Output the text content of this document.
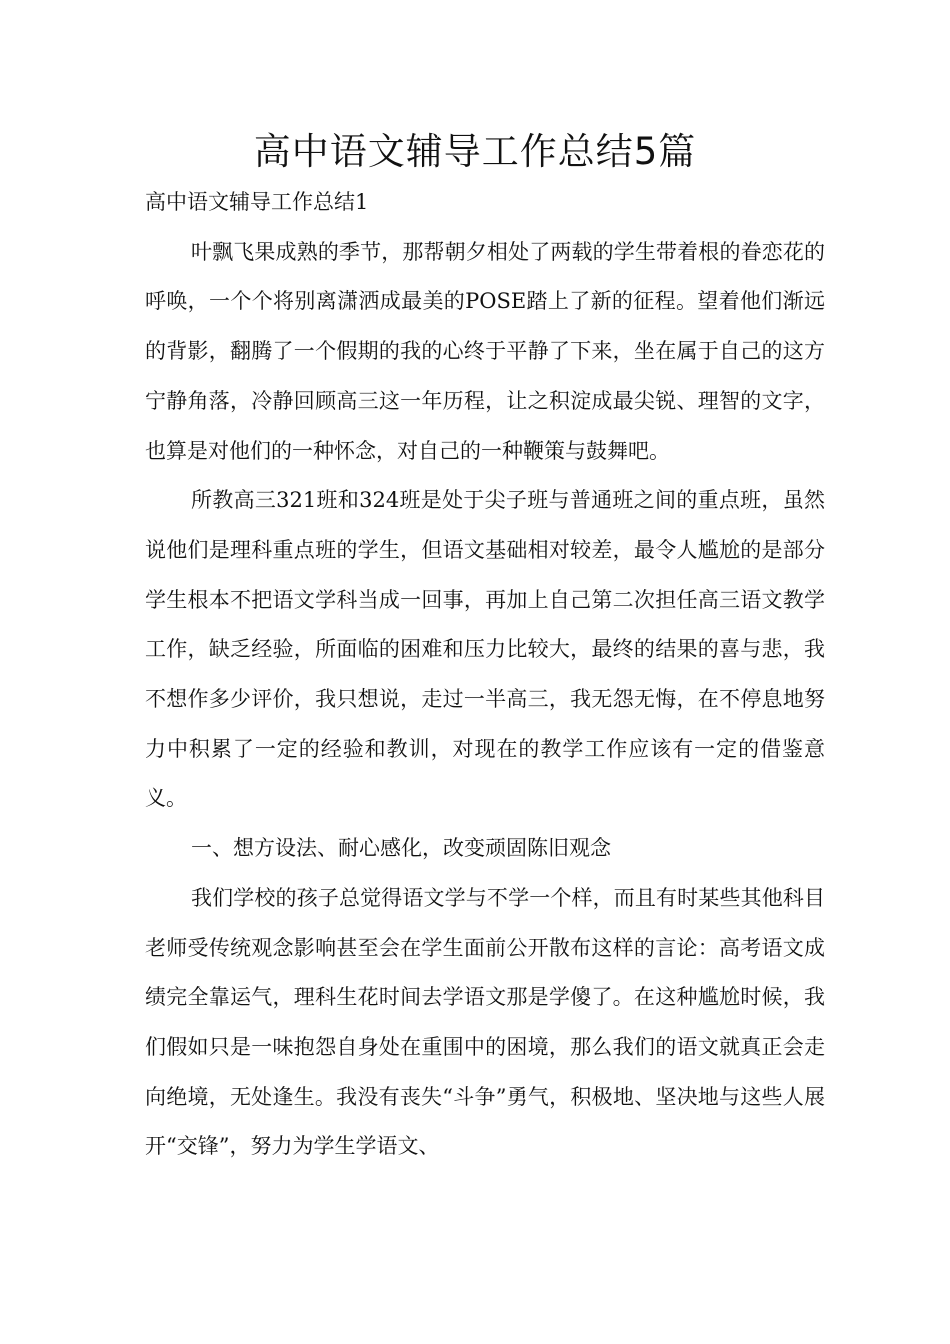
高中语文辅导工作总结5篇

高中语文辅导工作总结1

叶飘飞果成熟的季节，那帮朝夕相处了两载的学生带着根的眷恋花的呼唤，一个个将别离潇洒成最美的POSE踏上了新的征程。望着他们渐远的背影，翻腾了一个假期的我的心终于平静了下来，坐在属于自己的这方宁静角落，冷静回顾高三这一年历程，让之积淀成最尖锐、理智的文字，也算是对他们的一种怀念，对自己的一种鞭策与鼓舞吧。

所教高三321班和324班是处于尖子班与普通班之间的重点班，虽然说他们是理科重点班的学生，但语文基础相对较差，最令人尴尬的是部分学生根本不把语文学科当成一回事，再加上自己第二次担任高三语文教学工作，缺乏经验，所面临的困难和压力比较大，最终的结果的喜与悲，我不想作多少评价，我只想说，走过一半高三，我无怨无悔，在不停息地努力中积累了一定的经验和教训，对现在的教学工作应该有一定的借鉴意义。

一、想方设法、耐心感化，改变顽固陈旧观念

我们学校的孩子总觉得语文学与不学一个样，而且有时某些其他科目老师受传统观念影响甚至会在学生面前公开散布这样的言论：高考语文成绩完全靠运气，理科生花时间去学语文那是学傻了。在这种尴尬时候，我们假如只是一味抱怨自身处在重围中的困境，那么我们的语文就真正会走向绝境，无处逢生。我没有丧失“斗争”勇气，积极地、坚决地与这些人展开“交锋”，努力为学生学语文、
